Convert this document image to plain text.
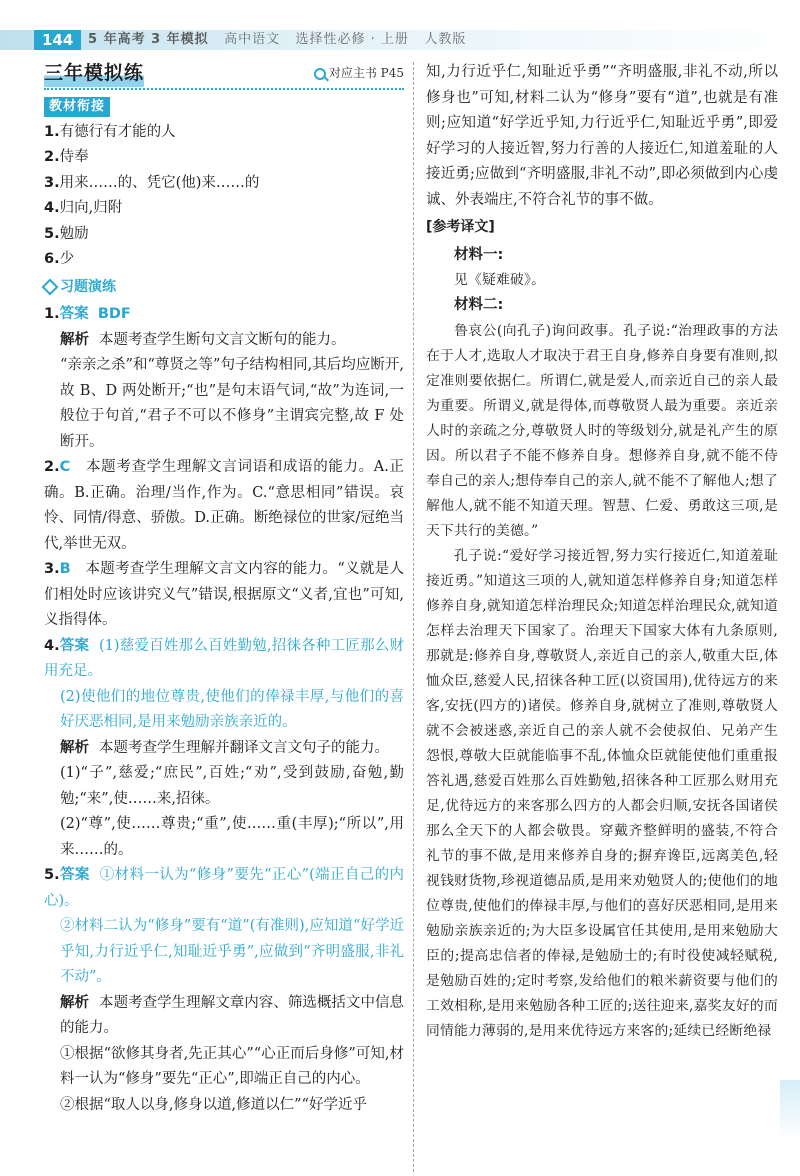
144	5 年高考 3 年模拟 高中语文 选择性必修 · 上册 人教版
三年模拟练	对应主书 P45
教材衔接

1.有德行有才能的人

2.侍奉

3.用来……的、凭它(他)来……的

4.归向,归附

5.勉励

6.少

习题演练

1.答案 BDF

解析 本题考查学生断句文言文断句的能力。

“亲亲之杀”和“尊贤之等”句子结构相同,其后均应断开,故 B、D 两处断开;“也”是句末语气词,“故”为连词,一般位于句首,“君子不可以不修身”主谓宾完整,故 F 处断开。

2.C 本题考查学生理解文言词语和成语的能力。A.正确。B.正确。治理/当作,作为。C.“意思相同”错误。哀怜、同情/得意、骄傲。D.正确。断绝禄位的世家/冠绝当代,举世无双。

3.B 本题考查学生理解文言文内容的能力。“义就是人们相处时应该讲究义气”错误,根据原文“义者,宜也”可知,义指得体。

4.答案 (1)慈爱百姓那么百姓勤勉,招徕各种工匠那么财用充足。

(2)使他们的地位尊贵,使他们的俸禄丰厚,与他们的喜好厌恶相同,是用来勉励亲族亲近的。

解析 本题考查学生理解并翻译文言文句子的能力。

(1)“子”,慈爱;“庶民”,百姓;“劝”,受到鼓励,奋勉,勤勉;“来”,使……来,招徕。

(2)“尊”,使……尊贵;“重”,使……重(丰厚);“所以”,用来……的。

5.答案 ①材料一认为“修身”要先“正心”(端正自己的内心)。

②材料二认为“修身”要有“道”(有准则),应知道“好学近乎知,力行近乎仁,知耻近乎勇”,应做到“齐明盛服,非礼不动”。

解析 本题考查学生理解文章内容、筛选概括文中信息的能力。

①根据“欲修其身者,先正其心”“心正而后身修”可知,材料一认为“修身”要先“正心”,即端正自己的内心。

②根据“取人以身,修身以道,修道以仁”“好学近乎

知,力行近乎仁,知耻近乎勇”“齐明盛服,非礼不动,所以修身也”可知,材料二认为“修身”要有“道”,也就是有准则;应知道“好学近乎知,力行近乎仁,知耻近乎勇”,即爱好学习的人接近智,努力行善的人接近仁,知道羞耻的人接近勇;应做到“齐明盛服,非礼不动”,即必须做到内心虔诚、外表端庄,不符合礼节的事不做。

[参考译文]

材料一:

见《疑难破》。

材料二:

鲁哀公(向孔子)询问政事。孔子说:“治理政事的方法在于人才,选取人才取决于君王自身,修养自身要有准则,拟定准则要依据仁。所谓仁,就是爱人,而亲近自己的亲人最为重要。所谓义,就是得体,而尊敬贤人最为重要。亲近亲人时的亲疏之分,尊敬贤人时的等级划分,就是礼产生的原因。所以君子不能不修养自身。想修养自身,就不能不侍奉自己的亲人;想侍奉自己的亲人,就不能不了解他人;想了解他人,就不能不知道天理。智慧、仁爱、勇敢这三项,是天下共行的美德。”

孔子说:“爱好学习接近智,努力实行接近仁,知道羞耻接近勇。”知道这三项的人,就知道怎样修养自身;知道怎样修养自身,就知道怎样治理民众;知道怎样治理民众,就知道怎样去治理天下国家了。治理天下国家大体有九条原则,那就是:修养自身,尊敬贤人,亲近自己的亲人,敬重大臣,体恤众臣,慈爱人民,招徕各种工匠(以资国用),优待远方的来客,安抚(四方的)诸侯。修养自身,就树立了准则,尊敬贤人就不会被迷惑,亲近自己的亲人就不会使叔伯、兄弟产生怨恨,尊敬大臣就能临事不乱,体恤众臣就能使他们重重报答礼遇,慈爱百姓那么百姓勤勉,招徕各种工匠那么财用充足,优待远方的来客那么四方的人都会归顺,安抚各国诸侯那么全天下的人都会敬畏。穿戴齐整鲜明的盛装,不符合礼节的事不做,是用来修养自身的;摒弃谗臣,远离美色,轻视钱财货物,珍视道德品质,是用来劝勉贤人的;使他们的地位尊贵,使他们的俸禄丰厚,与他们的喜好厌恶相同,是用来勉励亲族亲近的;为大臣多设属官任其使用,是用来勉励大臣的;提高忠信者的俸禄,是勉励士的;有时役使减轻赋税,是勉励百姓的;定时考察,发给他们的粮米薪资要与他们的工效相称,是用来勉励各种工匠的;送往迎来,嘉奖友好的而同情能力薄弱的,是用来优待远方来客的;延续已经断绝禄
